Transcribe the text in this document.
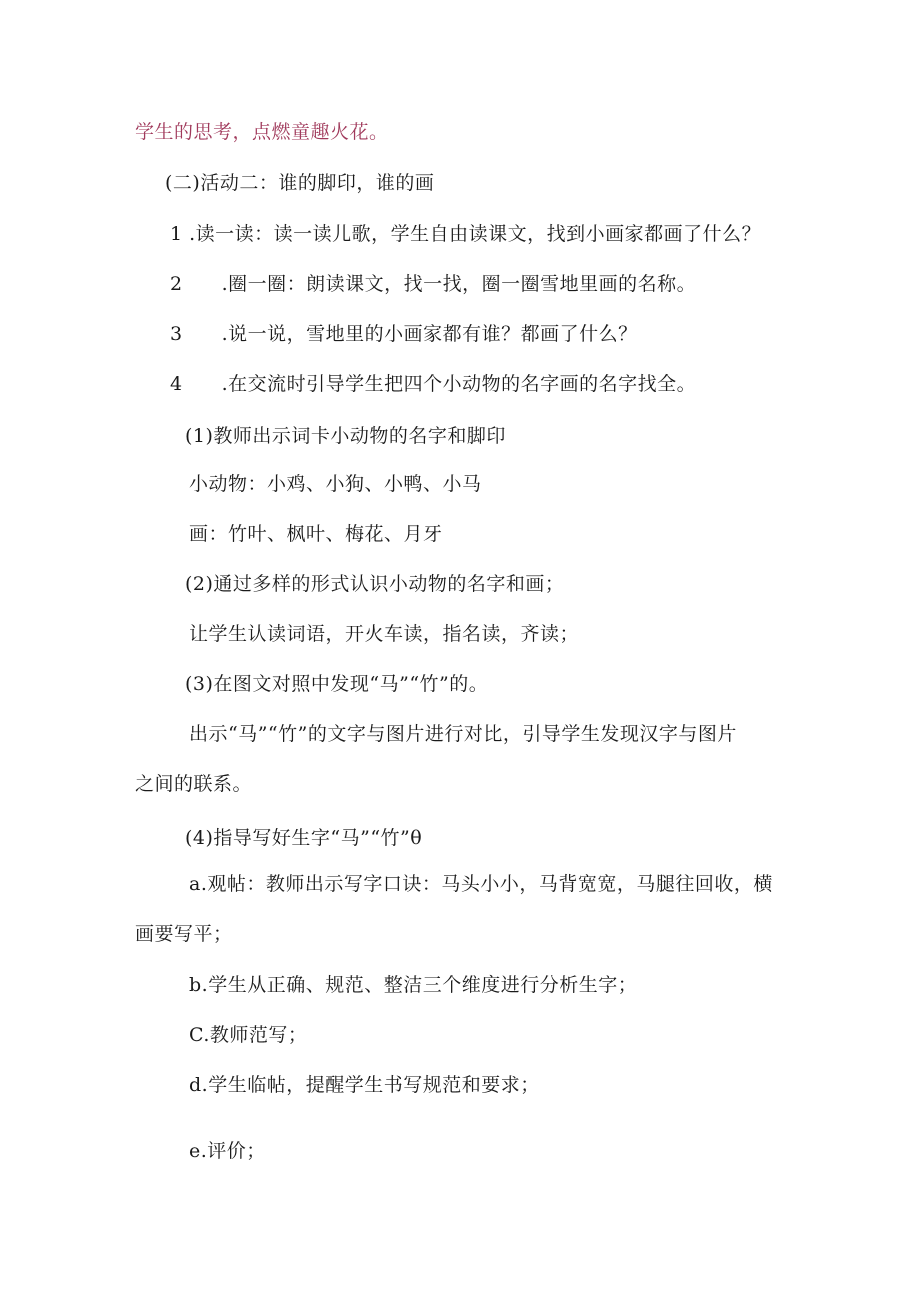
学生的思考，点燃童趣火花。
(二)活动二：谁的脚印，谁的画
1 .读一读：读一读儿歌，学生自由读课文，找到小画家都画了什么？
2　　.圈一圈：朗读课文，找一找，圈一圈雪地里画的名称。
3　　.说一说，雪地里的小画家都有谁？都画了什么？
4　　.在交流时引导学生把四个小动物的名字画的名字找全。
(1)教师出示词卡小动物的名字和脚印
小动物：小鸡、小狗、小鸭、小马
画：竹叶、枫叶、梅花、月牙
(2)通过多样的形式认识小动物的名字和画；
让学生认读词语，开火车读，指名读，齐读；
(3)在图文对照中发现“马”“竹”的。
出示“马”“竹”的文字与图片进行对比，引导学生发现汉字与图片
之间的联系。
(4)指导写好生字“马”“竹”θ
a.观帖：教师出示写字口诀：马头小小，马背宽宽，马腿往回收，横
画要写平；
b.学生从正确、规范、整洁三个维度进行分析生字；
C.教师范写；
d.学生临帖，提醒学生书写规范和要求；
e.评价；
